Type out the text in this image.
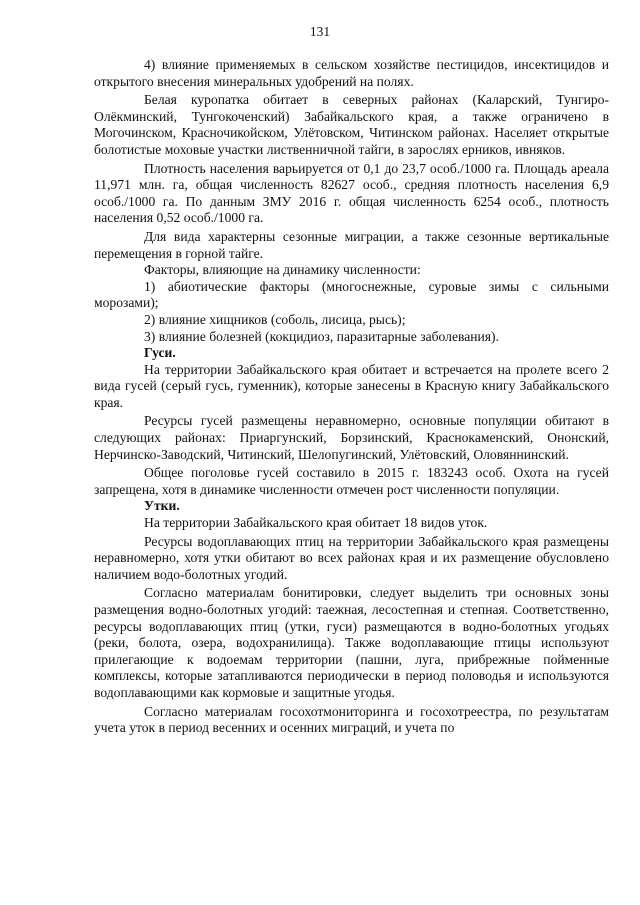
131

4) влияние применяемых в сельском хозяйстве пестицидов, инсектицидов и открытого внесения минеральных удобрений на полях.

Белая куропатка обитает в северных районах (Каларский, Тунгиро-Олёкминский, Тунгокоченский) Забайкальского края, а также ограничено в Могочинском, Красночикойском, Улётовском, Читинском районах. Населяет открытые болотистые моховые участки лиственничной тайги, в зарослях ерников, ивняков.

Плотность населения варьируется от 0,1 до 23,7 особ./1000 га. Площадь ареала 11,971 млн. га, общая численность 82627 особ., средняя плотность населения 6,9 особ./1000 га. По данным ЗМУ 2016 г. общая численность 6254 особ., плотность населения 0,52 особ./1000 га.

Для вида характерны сезонные миграции, а также сезонные вертикальные перемещения в горной тайге.

Факторы, влияющие на динамику численности:

1) абиотические факторы (многоснежные, суровые зимы с сильными морозами);

2) влияние хищников (соболь, лисица, рысь);

3) влияние болезней (кокцидиоз, паразитарные заболевания).

Гуси.

На территории Забайкальского края обитает и встречается на пролете всего 2 вида гусей (серый гусь, гуменник), которые занесены в Красную книгу Забайкальского края.

Ресурсы гусей размещены неравномерно, основные популяции обитают в следующих районах: Приаргунский, Борзинский, Краснокаменский, Ононский, Нерчинско-Заводский, Читинский, Шелопугинский, Улётовский, Оловяннинский.

Общее поголовье гусей составило в 2015 г. 183243 особ. Охота на гусей запрещена, хотя в динамике численности отмечен рост численности популяции.

Утки.

На территории Забайкальского края обитает 18 видов уток.

Ресурсы водоплавающих птиц на территории Забайкальского края размещены неравномерно, хотя утки обитают во всех районах края и их размещение обусловлено наличием водо-болотных угодий.

Согласно материалам бонитировки, следует выделить три основных зоны размещения водно-болотных угодий: таежная, лесостепная и степная. Соответственно, ресурсы водоплавающих птиц (утки, гуси) размещаются в водно-болотных угодьях (реки, болота, озера, водохранилища). Также водоплавающие птицы используют прилегающие к водоемам территории (пашни, луга, прибрежные пойменные комплексы, которые затапливаются периодически в период половодья и используются водоплавающими как кормовые и защитные угодья.

Согласно материалам госохотмониторинга и госохотреестра, по результатам учета уток в период весенних и осенних миграций, и учета по
